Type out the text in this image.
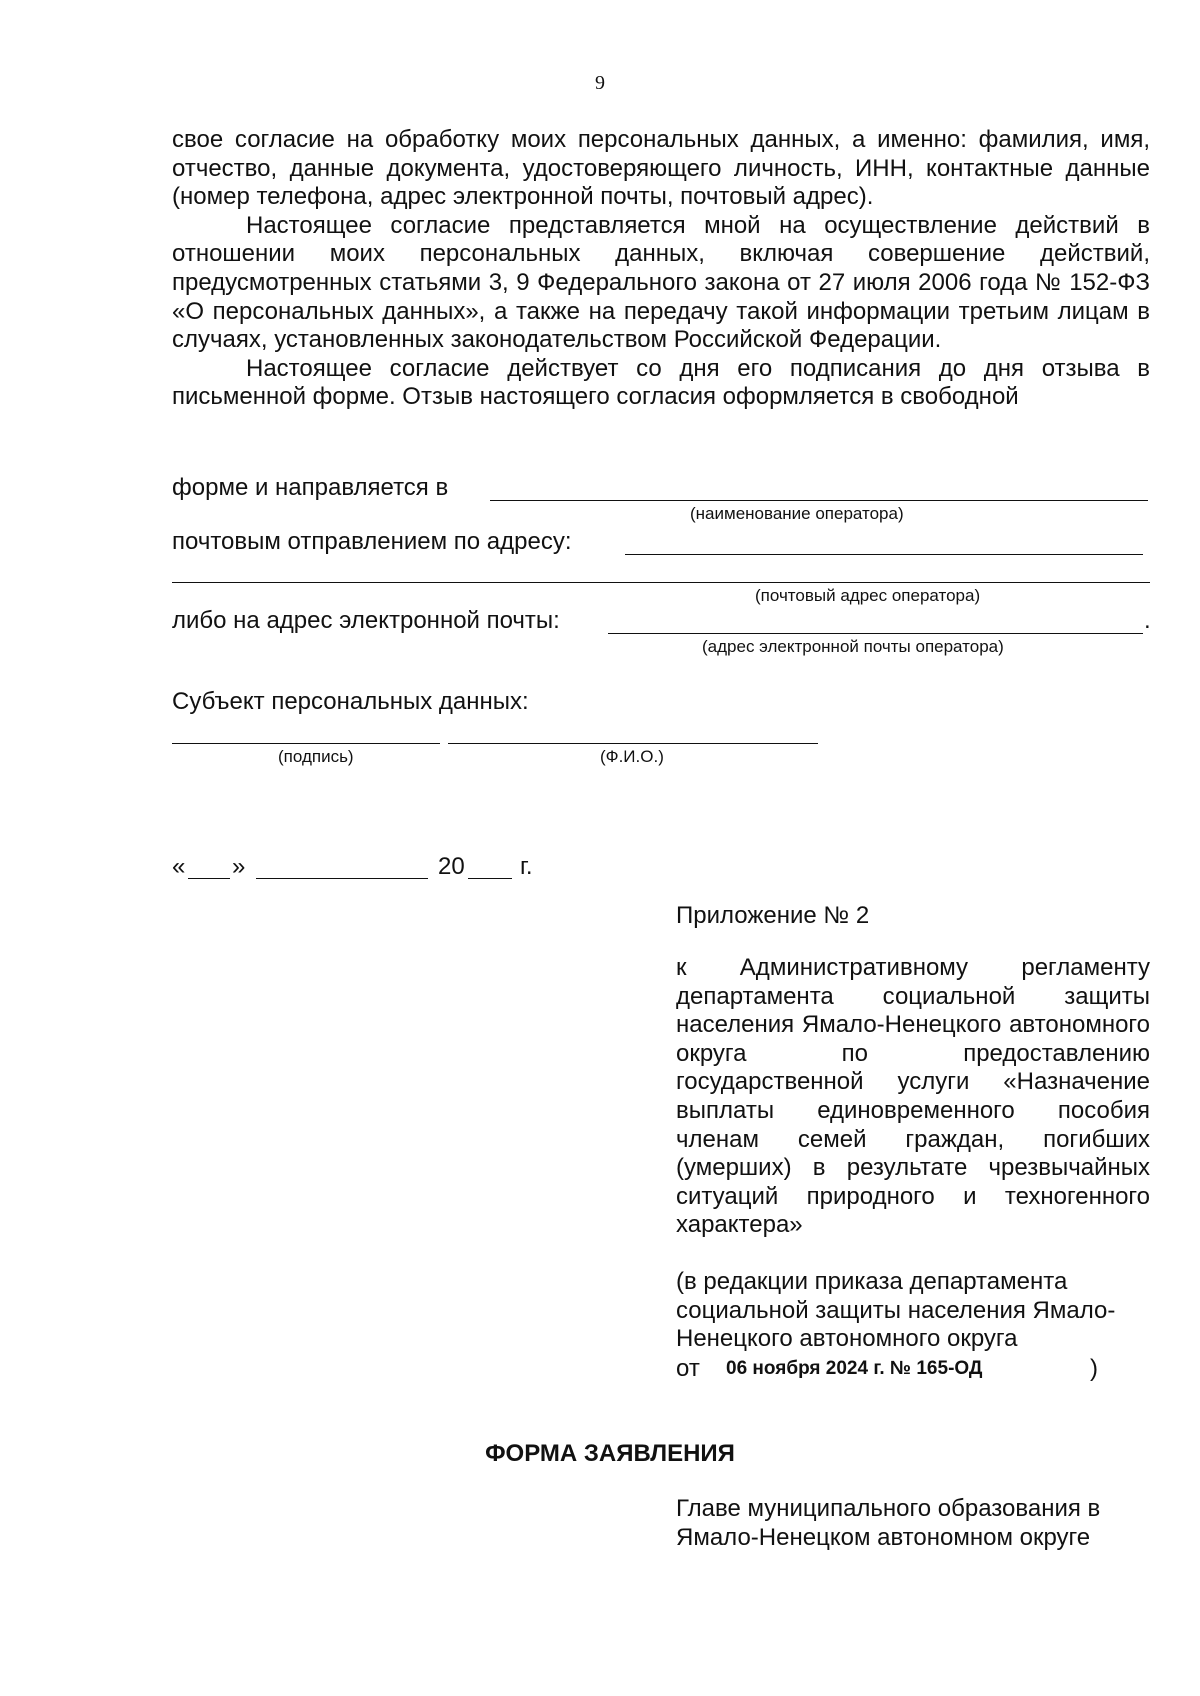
9

свое согласие на обработку моих персональных данных, а именно: фамилия, имя, отчество, данные документа, удостоверяющего личность, ИНН, контактные данные (номер телефона, адрес электронной почты, почтовый адрес).

Настоящее согласие представляется мной на осуществление действий в отношении моих персональных данных, включая совершение действий, предусмотренных статьями 3, 9 Федерального закона от 27 июля 2006 года № 152-ФЗ «О персональных данных», а также на передачу такой информации третьим лицам в случаях, установленных законодательством Российской Федерации.

Настоящее согласие действует со дня его подписания до дня отзыва в письменной форме. Отзыв настоящего согласия оформляется в свободной

форме и направляется в
(наименование оператора)
почтовым отправлением по адресу:
(почтовый адрес оператора)
либо на адрес электронной почты:	.
(адрес электронной почты оператора)
Субъект персональных данных:
(подпись)	(Ф.И.О.)
« »	20 г.
Приложение № 2
к Административному регламенту департамента социальной защиты населения Ямало-Ненецкого автономного округа по предоставлению государственной услуги «Назначение выплаты единовременного пособия членам семей граждан, погибших (умерших) в результате чрезвычайных ситуаций природного и техногенного характера»
(в редакции приказа департамента социальной защиты населения Ямало-Ненецкого автономного округа
от 06 ноября 2024 г. № 165-ОД	)
ФОРМА ЗАЯВЛЕНИЯ
Главе муниципального образования в Ямало-Ненецком автономном округе
